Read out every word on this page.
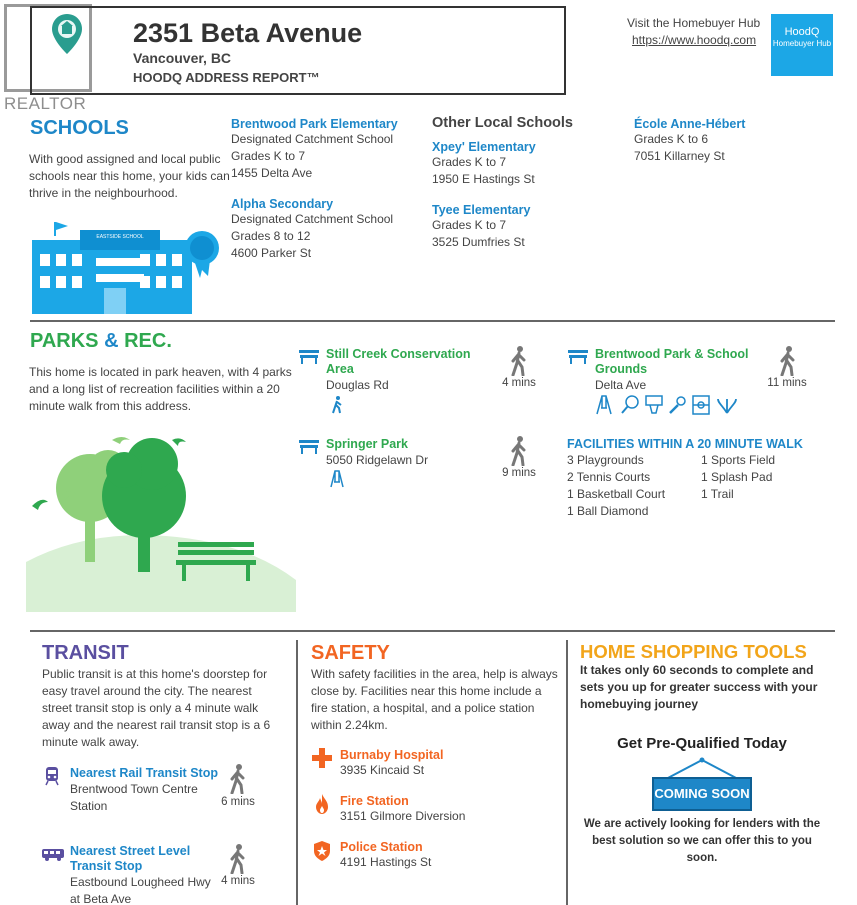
REALTOR
2351 Beta Avenue
Vancouver, BC
HOODQ ADDRESS REPORT™
Visit the Homebuyer Hub
https://www.hoodq.com
HoodQ
Homebuyer Hub
SCHOOLS
With good assigned and local public schools near this home, your kids can thrive in the neighbourhood.
EASTSIDE SCHOOL
Brentwood Park Elementary
Designated Catchment School
Grades K to 7
1455 Delta Ave
Alpha Secondary
Designated Catchment School
Grades 8 to 12
4600 Parker St
Other Local Schools
Xpey' Elementary
Grades K to 7
1950 E Hastings St
Tyee Elementary
Grades K to 7
3525 Dumfries St
École Anne-Hébert
Grades K to 6
7051 Killarney St
PARKS & REC.
This home is located in park heaven, with 4 parks and a long list of recreation facilities within a 20 minute walk from this address.
Still Creek Conservation Area
Douglas Rd	4 mins
Springer Park
5050 Ridgelawn Dr
9 mins
Brentwood Park & School Grounds
Delta Ave	11 mins
FACILITIES WITHIN A 20 MINUTE WALK
3 Playgrounds
2 Tennis Courts
1 Basketball Court
1 Ball Diamond
1 Sports Field
1 Splash Pad
1 Trail
TRANSIT
Public transit is at this home's doorstep for easy travel around the city. The nearest street transit stop is only a 4 minute walk away and the nearest rail transit stop is a 6 minute walk away.
Nearest Rail Transit Stop
Brentwood Town Centre Station	6 mins
Nearest Street Level Transit Stop
Eastbound Lougheed Hwy at Beta Ave
4 mins
SAFETY
With safety facilities in the area, help is always close by. Facilities near this home include a fire station, a hospital, and a police station within 2.24km.
Burnaby Hospital
3935 Kincaid St
Fire Station
3151 Gilmore Diversion
Police Station
4191 Hastings St
HOME SHOPPING TOOLS
It takes only 60 seconds to complete and sets you up for greater success with your homebuying journey
Get Pre-Qualified Today
COMING SOON
We are actively looking for lenders with the best solution so we can offer this to you soon.
